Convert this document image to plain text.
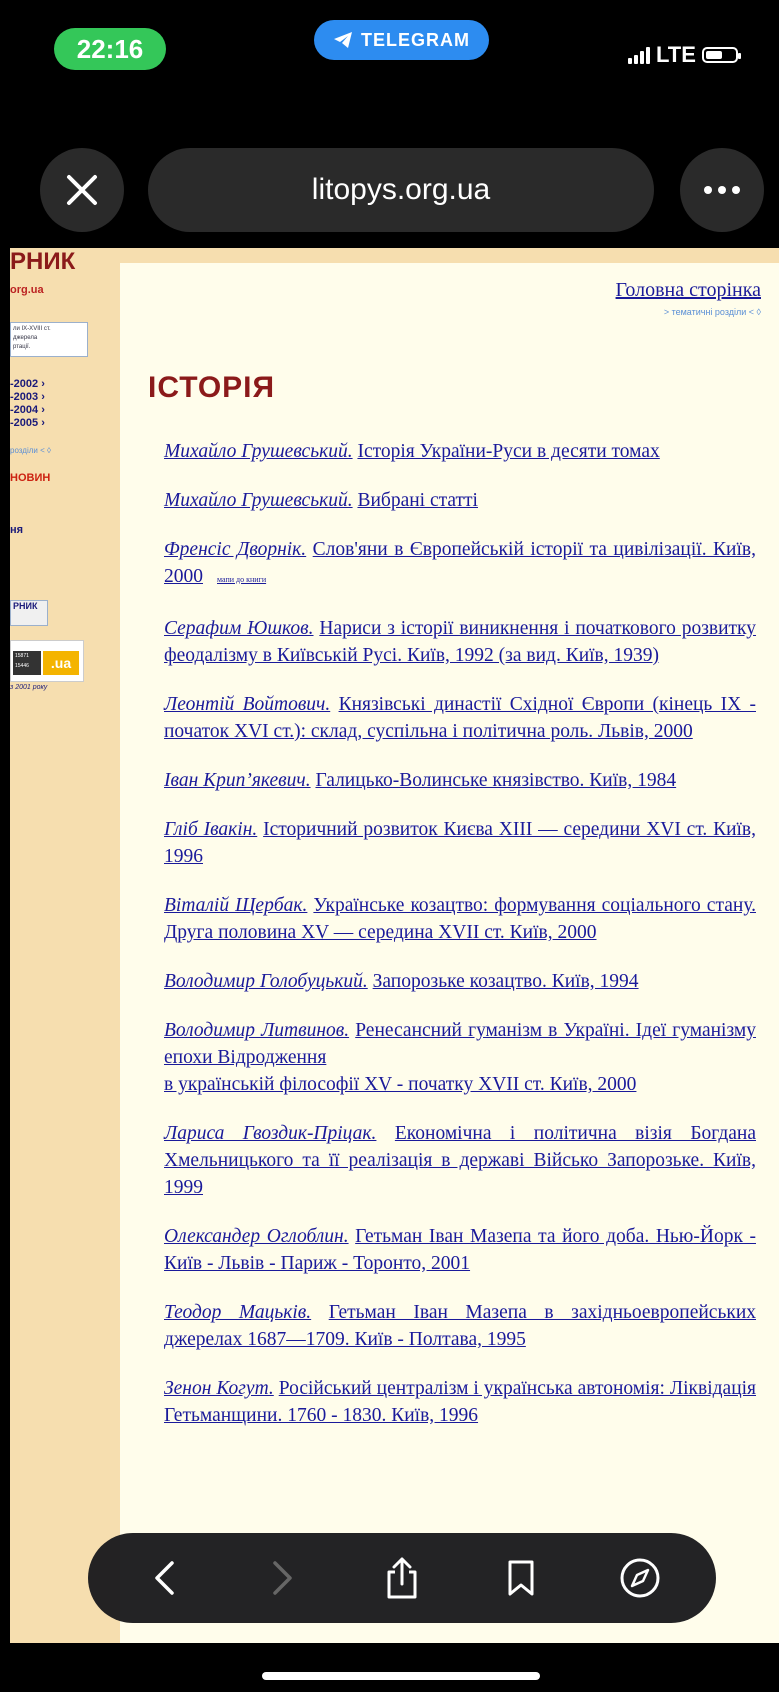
22:16	TELEGRAM
LTE
litopys.org.ua
РНИК
org.ua
ли IX-XVIII ст.
джерела
ртації.
-2002 ›
-2003 ›
-2004 ›
-2005 ›
розділи < ◊
НОВИН
ня
РНИК
15871
15446	.ua
з 2001 року
Головна сторінка
> тематичні розділи < ◊
ІСТОРІЯ
Михайло Грушевський. Історія України-Руси в десяти томах
Михайло Грушевський. Вибрані статті
Френсіс Дворнік. Слов'яни в Європейській історії та цивілізації. Київ, 2000 мапи до книги
Серафим Юшков. Нариси з історії виникнення і початкового розвитку феодалізму в Київській Русі. Київ, 1992 (за вид. Київ, 1939)
Леонтій Войтович. Князівські династії Східної Європи (кінець IX - початок XVI ст.): склад, суспільна і політична роль. Львів, 2000
Іван Крип’якевич. Галицько-Волинське князівство. Київ, 1984
Гліб Івакін. Історичний розвиток Києва XIII — середини XVI ст. Київ, 1996
Віталій Щербак. Українське козацтво: формування соціального стану. Друга половина XV — середина XVII ст. Київ, 2000
Володимир Голобуцький. Запорозьке козацтво. Київ, 1994
Володимир Литвинов. Ренесансний гуманізм в Україні. Ідеї гуманізму епохи Відродження
в українській філософії XV - початку XVII ст. Київ, 2000
Лариса Гвоздик-Пріцак. Економічна і політична візія Богдана Хмельницького та її реалізація в державі Військо Запорозьке. Київ, 1999
Олександер Оглоблин. Гетьман Іван Мазепа та його доба. Нью-Йорк - Київ - Львів - Париж - Торонто, 2001
Теодор Мацьків. Гетьман Іван Мазепа в західньоевропейських джерелах 1687—1709. Київ - Полтава, 1995
Зенон Когут. Російський централізм і українська автономія: Ліквідація Гетьманщини. 1760 - 1830. Київ, 1996
